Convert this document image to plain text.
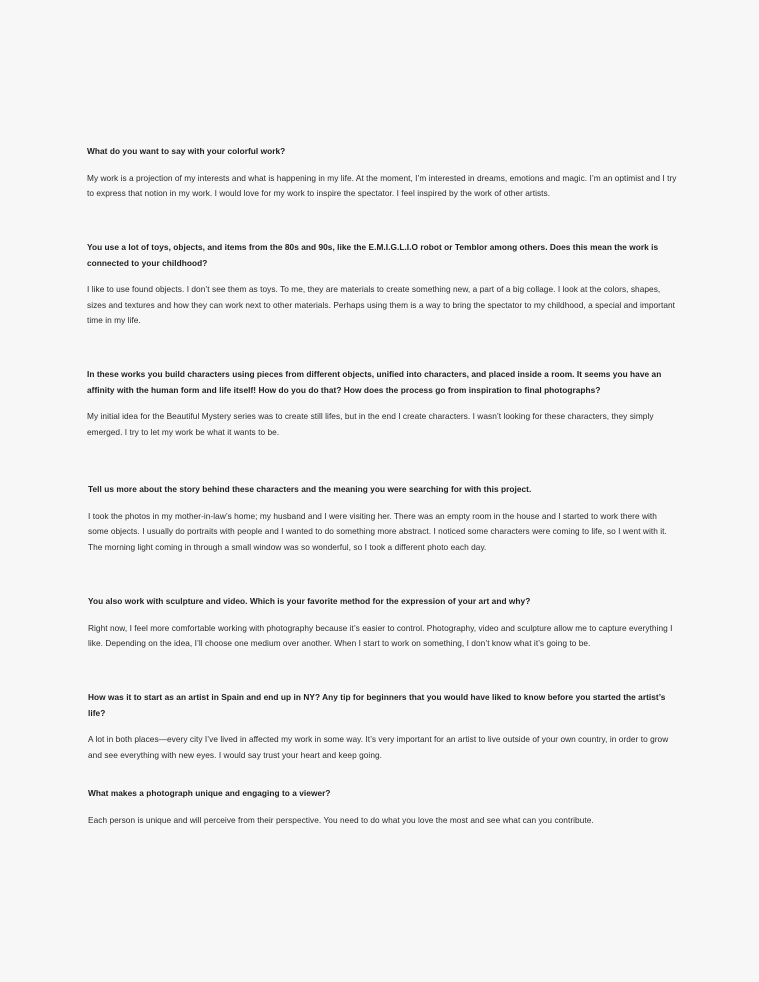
What do you want to say with your colorful work?

My work is a projection of my interests and what is happening in my life. At the moment, I’m interested in dreams, emotions and magic. I’m an optimist and I try to express that notion in my work. I would love for my work to inspire the spectator. I feel inspired by the work of other artists.

You use a lot of toys, objects, and items from the 80s and 90s, like the E.M.I.G.L.I.O robot or Temblor among others. Does this mean the work is connected to your childhood?

I like to use found objects. I don’t see them as toys. To me, they are materials to create something new, a part of a big collage. I look at the colors, shapes, sizes and textures and how they can work next to other materials. Perhaps using them is a way to bring the spectator to my childhood, a special and important time in my life.

In these works you build characters using pieces from different objects, unified into characters, and placed inside a room. It seems you have an affinity with the human form and life itself! How do you do that? How does the process go from inspiration to final photographs?

My initial idea for the Beautiful Mystery series was to create still lifes, but in the end I create characters. I wasn’t looking for these characters, they simply emerged. I try to let my work be what it wants to be.

Tell us more about the story behind these characters and the meaning you were searching for with this project.

I took the photos in my mother-in-law’s home; my husband and I were visiting her. There was an empty room in the house and I started to work there with some objects. I usually do portraits with people and I wanted to do something more abstract. I noticed some characters were coming to life, so I went with it. The morning light coming in through a small window was so wonderful, so I took a different photo each day.

You also work with sculpture and video. Which is your favorite method for the expression of your art and why?

Right now, I feel more comfortable working with photography because it’s easier to control. Photography, video and sculpture allow me to capture everything I like. Depending on the idea, I’ll choose one medium over another. When I start to work on something, I don’t know what it’s going to be.

How was it to start as an artist in Spain and end up in NY? Any tip for beginners that you would have liked to know before you started the artist’s life?

A lot in both places—every city I’ve lived in affected my work in some way. It’s very important for an artist to live outside of your own country, in order to grow and see everything with new eyes. I would say trust your heart and keep going.

What makes a photograph unique and engaging to a viewer?

Each person is unique and will perceive from their perspective. You need to do what you love the most and see what can you contribute.
